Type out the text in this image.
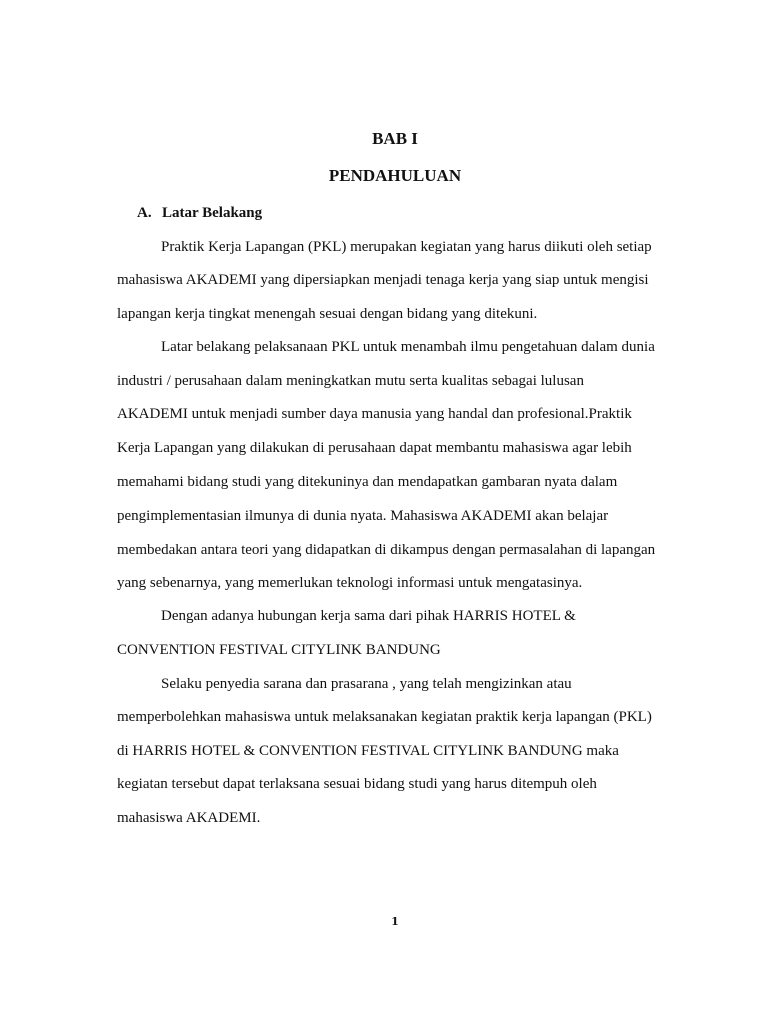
BAB I
PENDAHULUAN
A. Latar Belakang
Praktik Kerja Lapangan (PKL) merupakan kegiatan yang harus diikuti oleh setiap
mahasiswa AKADEMI yang dipersiapkan menjadi tenaga kerja yang siap untuk mengisi
lapangan kerja tingkat menengah sesuai dengan bidang yang ditekuni.
Latar belakang pelaksanaan PKL untuk menambah ilmu pengetahuan dalam dunia
industri / perusahaan dalam meningkatkan mutu serta kualitas sebagai lulusan
AKADEMI untuk menjadi sumber daya manusia yang handal dan profesional.Praktik
Kerja Lapangan yang dilakukan di perusahaan dapat membantu mahasiswa agar lebih
memahami bidang studi yang ditekuninya dan mendapatkan gambaran nyata dalam
pengimplementasian ilmunya di dunia nyata. Mahasiswa AKADEMI akan belajar
membedakan antara teori yang didapatkan di dikampus dengan permasalahan di lapangan
yang sebenarnya, yang memerlukan teknologi informasi untuk mengatasinya.
Dengan adanya hubungan kerja sama dari pihak HARRIS HOTEL &
CONVENTION FESTIVAL CITYLINK BANDUNG
Selaku penyedia sarana dan prasarana , yang telah mengizinkan atau
memperbolehkan mahasiswa untuk melaksanakan kegiatan praktik kerja lapangan (PKL)
di HARRIS HOTEL & CONVENTION FESTIVAL CITYLINK BANDUNG maka
kegiatan tersebut dapat terlaksana sesuai bidang studi yang harus ditempuh oleh
mahasiswa AKADEMI.
1
